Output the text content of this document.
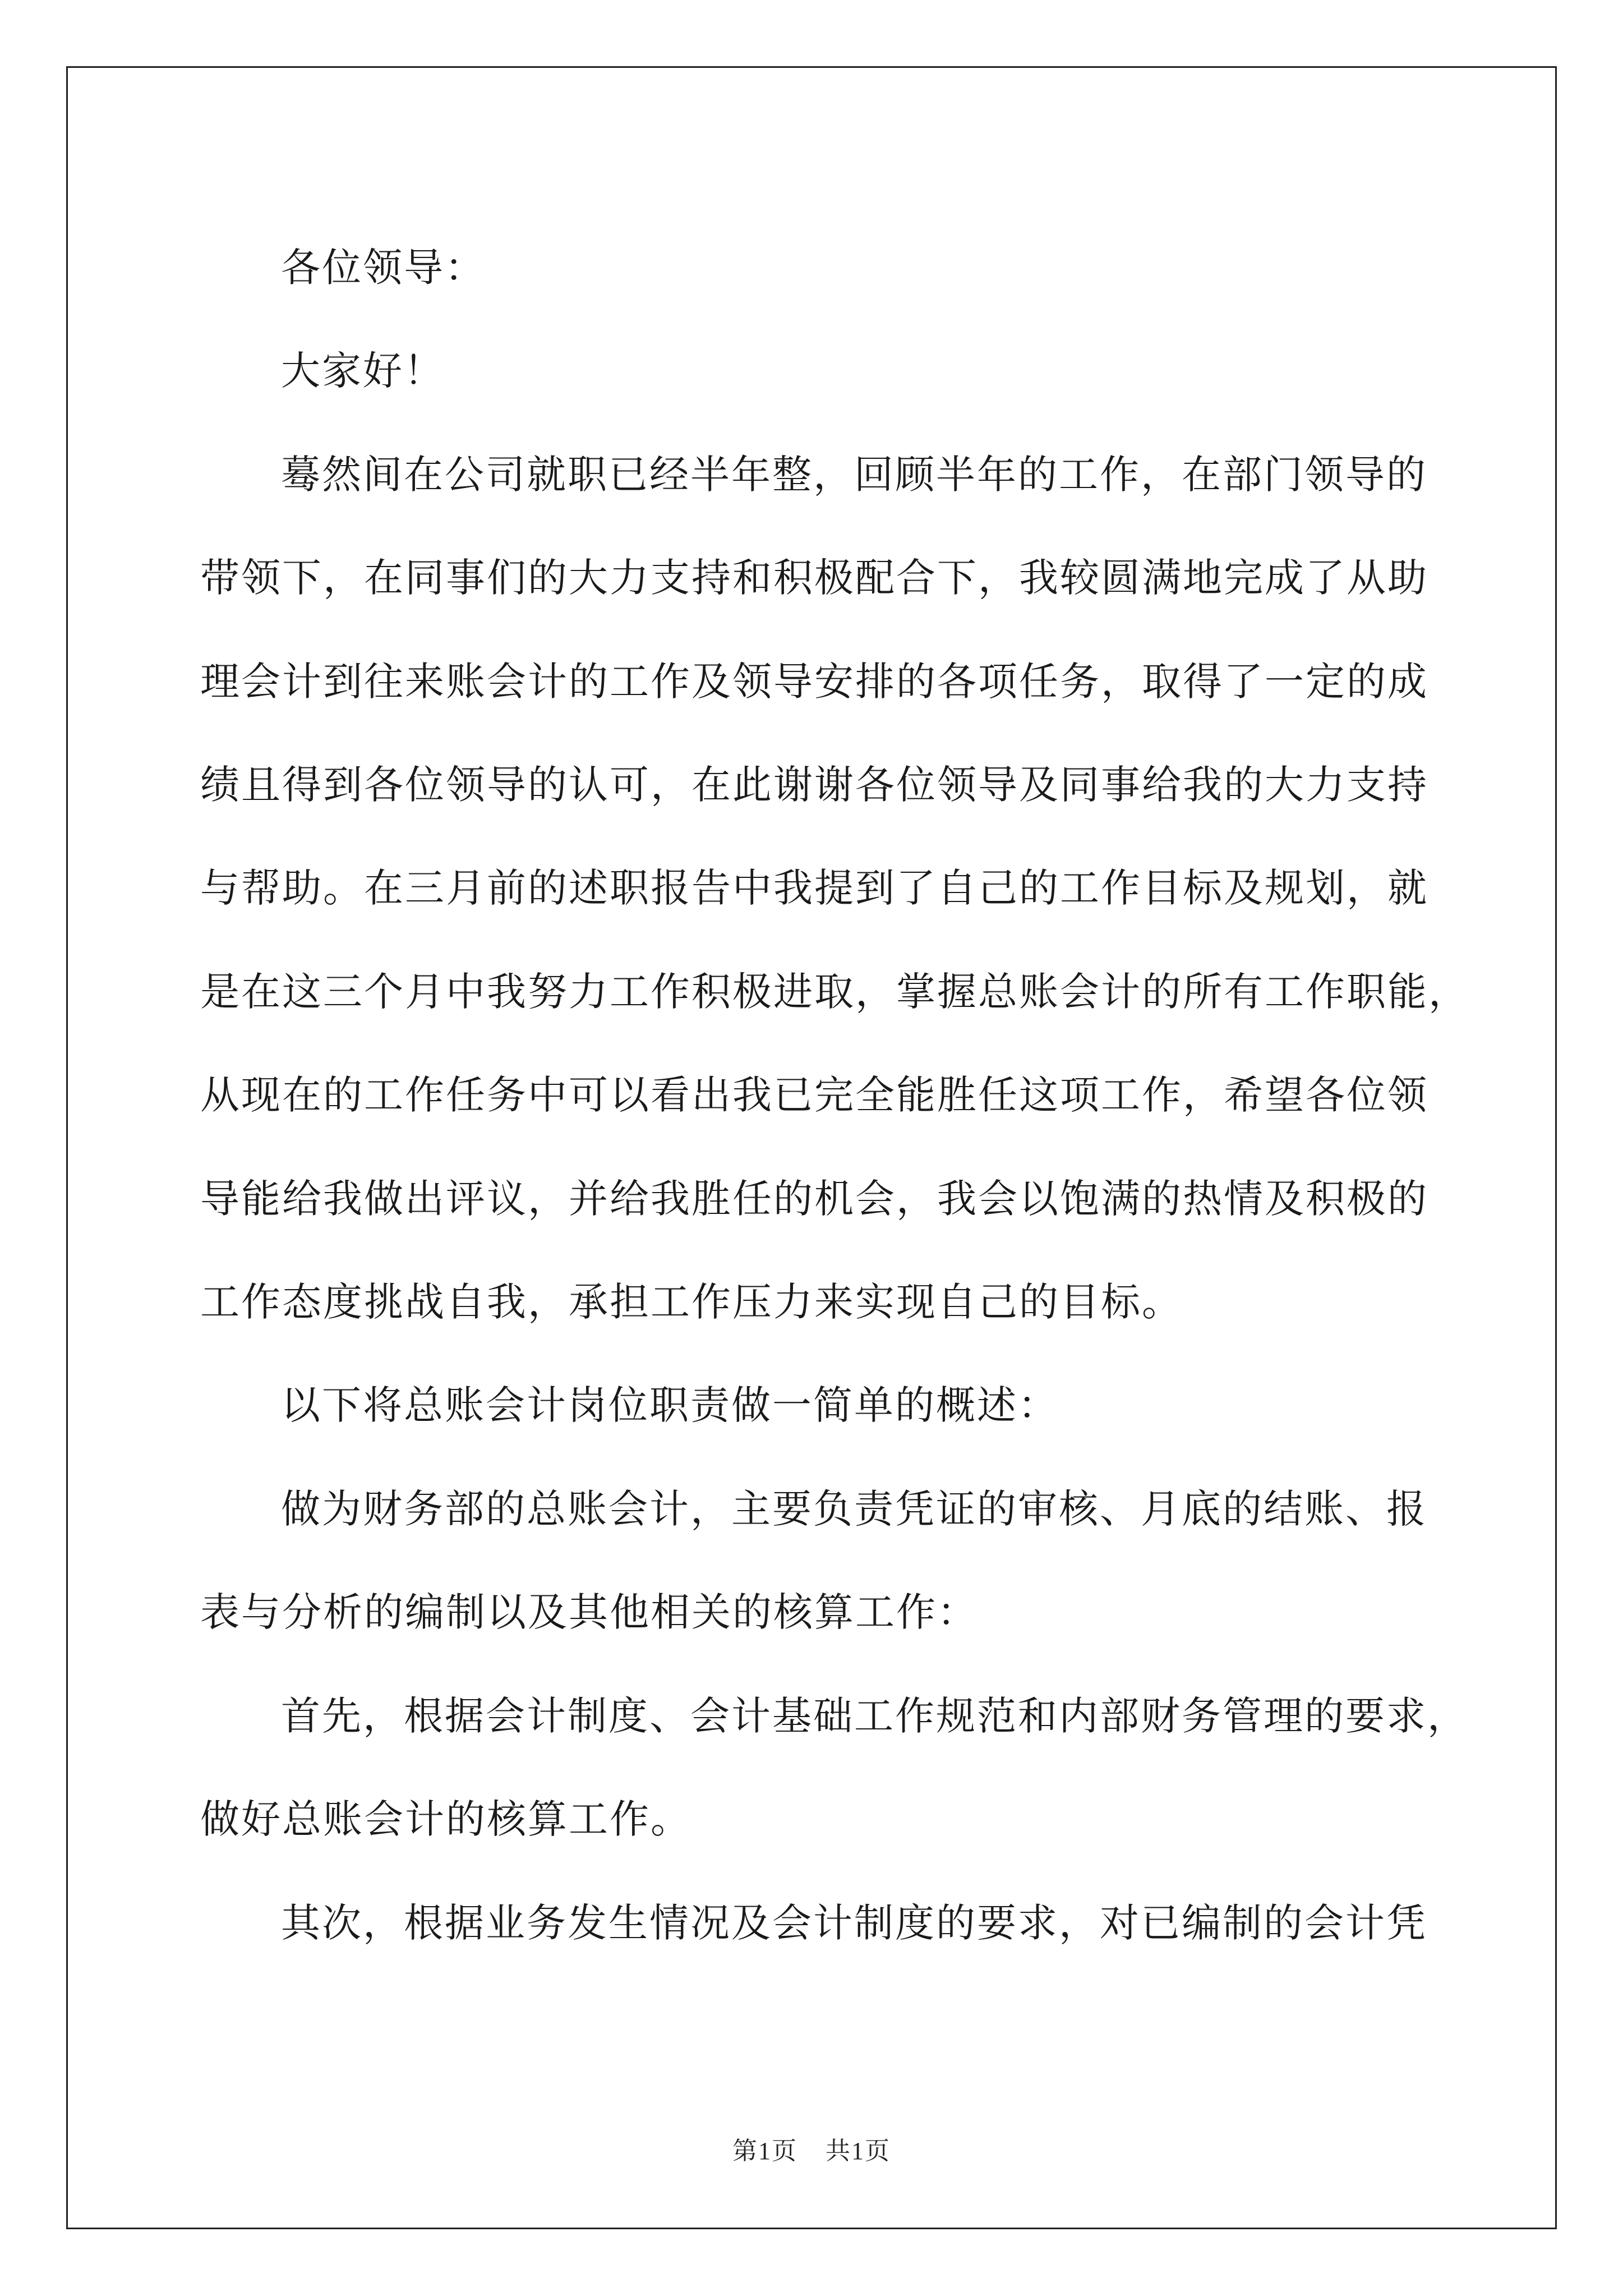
各位领导：
大家好！
蓦然间在公司就职已经半年整，回顾半年的工作，在部门领导的
带领下，在同事们的大力支持和积极配合下，我较圆满地完成了从助
理会计到往来账会计的工作及领导安排的各项任务，取得了一定的成
绩且得到各位领导的认可，在此谢谢各位领导及同事给我的大力支持
与帮助。在三月前的述职报告中我提到了自己的工作目标及规划，就
是在这三个月中我努力工作积极进取，掌握总账会计的所有工作职能，
从现在的工作任务中可以看出我已完全能胜任这项工作，希望各位领
导能给我做出评议，并给我胜任的机会，我会以饱满的热情及积极的
工作态度挑战自我，承担工作压力来实现自己的目标。
以下将总账会计岗位职责做一简单的概述：
做为财务部的总账会计，主要负责凭证的审核、月底的结账、报
表与分析的编制以及其他相关的核算工作：
首先，根据会计制度、会计基础工作规范和内部财务管理的要求，
做好总账会计的核算工作。
其次，根据业务发生情况及会计制度的要求，对已编制的会计凭
第1页 共1页
